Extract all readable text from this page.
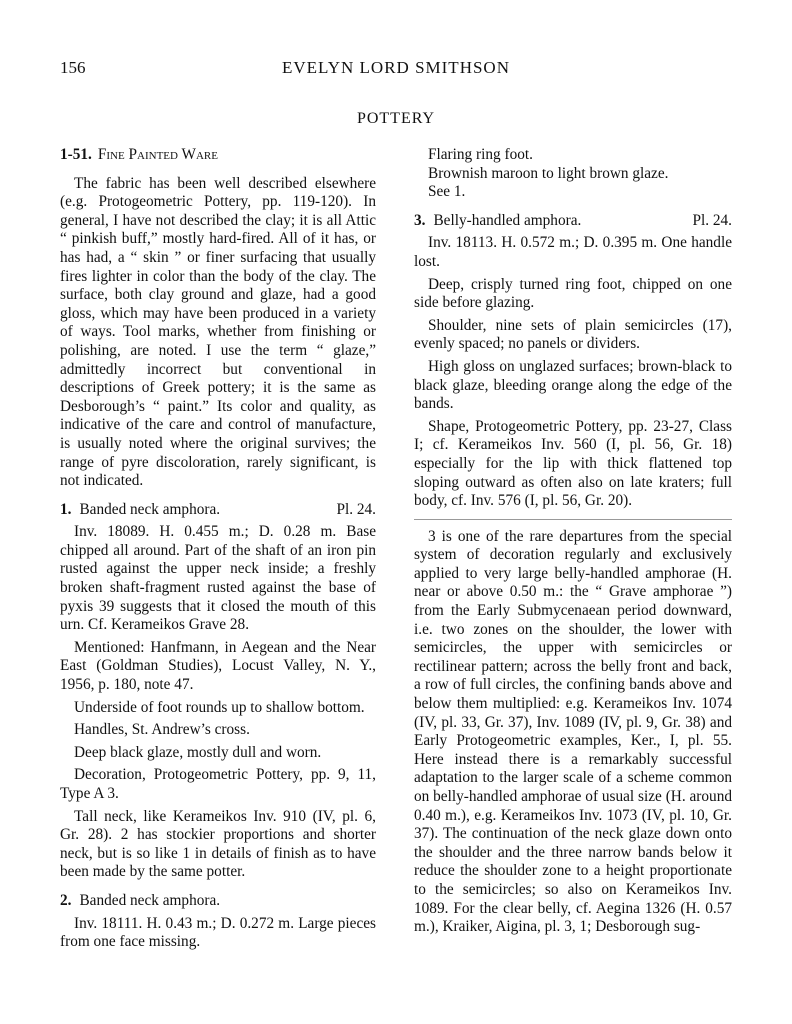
156	EVELYN LORD SMITHSON
POTTERY
1-51. Fine Painted Ware

The fabric has been well described elsewhere (e.g. Protogeometric Pottery, pp. 119-120). In general, I have not described the clay; it is all Attic “ pinkish buff,” mostly hard-fired. All of it has, or has had, a “ skin ” or finer surfacing that usually fires lighter in color than the body of the clay. The surface, both clay ground and glaze, had a good gloss, which may have been produced in a variety of ways. Tool marks, whether from finishing or polishing, are noted. I use the term “ glaze,” admittedly incorrect but conventional in descriptions of Greek pottery; it is the same as Desborough’s “ paint.” Its color and quality, as indicative of the care and control of manufacture, is usually noted where the original survives; the range of pyre discoloration, rarely significant, is not indicated.

1. Banded neck amphora.	Pl. 24.

Inv. 18089. H. 0.455 m.; D. 0.28 m. Base chipped all around. Part of the shaft of an iron pin rusted against the upper neck inside; a freshly broken shaft-fragment rusted against the base of pyxis 39 suggests that it closed the mouth of this urn. Cf. Kerameikos Grave 28.

Mentioned: Hanfmann, in Aegean and the Near East (Goldman Studies), Locust Valley, N. Y., 1956, p. 180, note 47.

Underside of foot rounds up to shallow bottom.

Handles, St. Andrew’s cross.

Deep black glaze, mostly dull and worn.

Decoration, Protogeometric Pottery, pp. 9, 11, Type A 3.

Tall neck, like Kerameikos Inv. 910 (IV, pl. 6, Gr. 28). 2 has stockier proportions and shorter neck, but is so like 1 in details of finish as to have been made by the same potter.

2. Banded neck amphora.

Inv. 18111. H. 0.43 m.; D. 0.272 m. Large pieces from one face missing.

Flaring ring foot.

Brownish maroon to light brown glaze.

See 1.

3. Belly-handled amphora.	Pl. 24.

Inv. 18113. H. 0.572 m.; D. 0.395 m. One handle lost.

Deep, crisply turned ring foot, chipped on one side before glazing.

Shoulder, nine sets of plain semicircles (17), evenly spaced; no panels or dividers.

High gloss on unglazed surfaces; brown-black to black glaze, bleeding orange along the edge of the bands.

Shape, Protogeometric Pottery, pp. 23-27, Class I; cf. Kerameikos Inv. 560 (I, pl. 56, Gr. 18) especially for the lip with thick flattened top sloping outward as often also on late kraters; full body, cf. Inv. 576 (I, pl. 56, Gr. 20).

3 is one of the rare departures from the special system of decoration regularly and exclusively applied to very large belly-handled amphorae (H. near or above 0.50 m.: the “ Grave amphorae ”) from the Early Submycenaean period downward, i.e. two zones on the shoulder, the lower with semicircles, the upper with semicircles or rectilinear pattern; across the belly front and back, a row of full circles, the confining bands above and below them multiplied: e.g. Kerameikos Inv. 1074 (IV, pl. 33, Gr. 37), Inv. 1089 (IV, pl. 9, Gr. 38) and Early Protogeometric examples, Ker., I, pl. 55. Here instead there is a remarkably successful adaptation to the larger scale of a scheme common on belly-handled amphorae of usual size (H. around 0.40 m.), e.g. Kerameikos Inv. 1073 (IV, pl. 10, Gr. 37). The continuation of the neck glaze down onto the shoulder and the three narrow bands below it reduce the shoulder zone to a height proportionate to the semicircles; so also on Kerameikos Inv. 1089. For the clear belly, cf. Aegina 1326 (H. 0.57 m.), Kraiker, Aigina, pl. 3, 1; Desborough sug-
